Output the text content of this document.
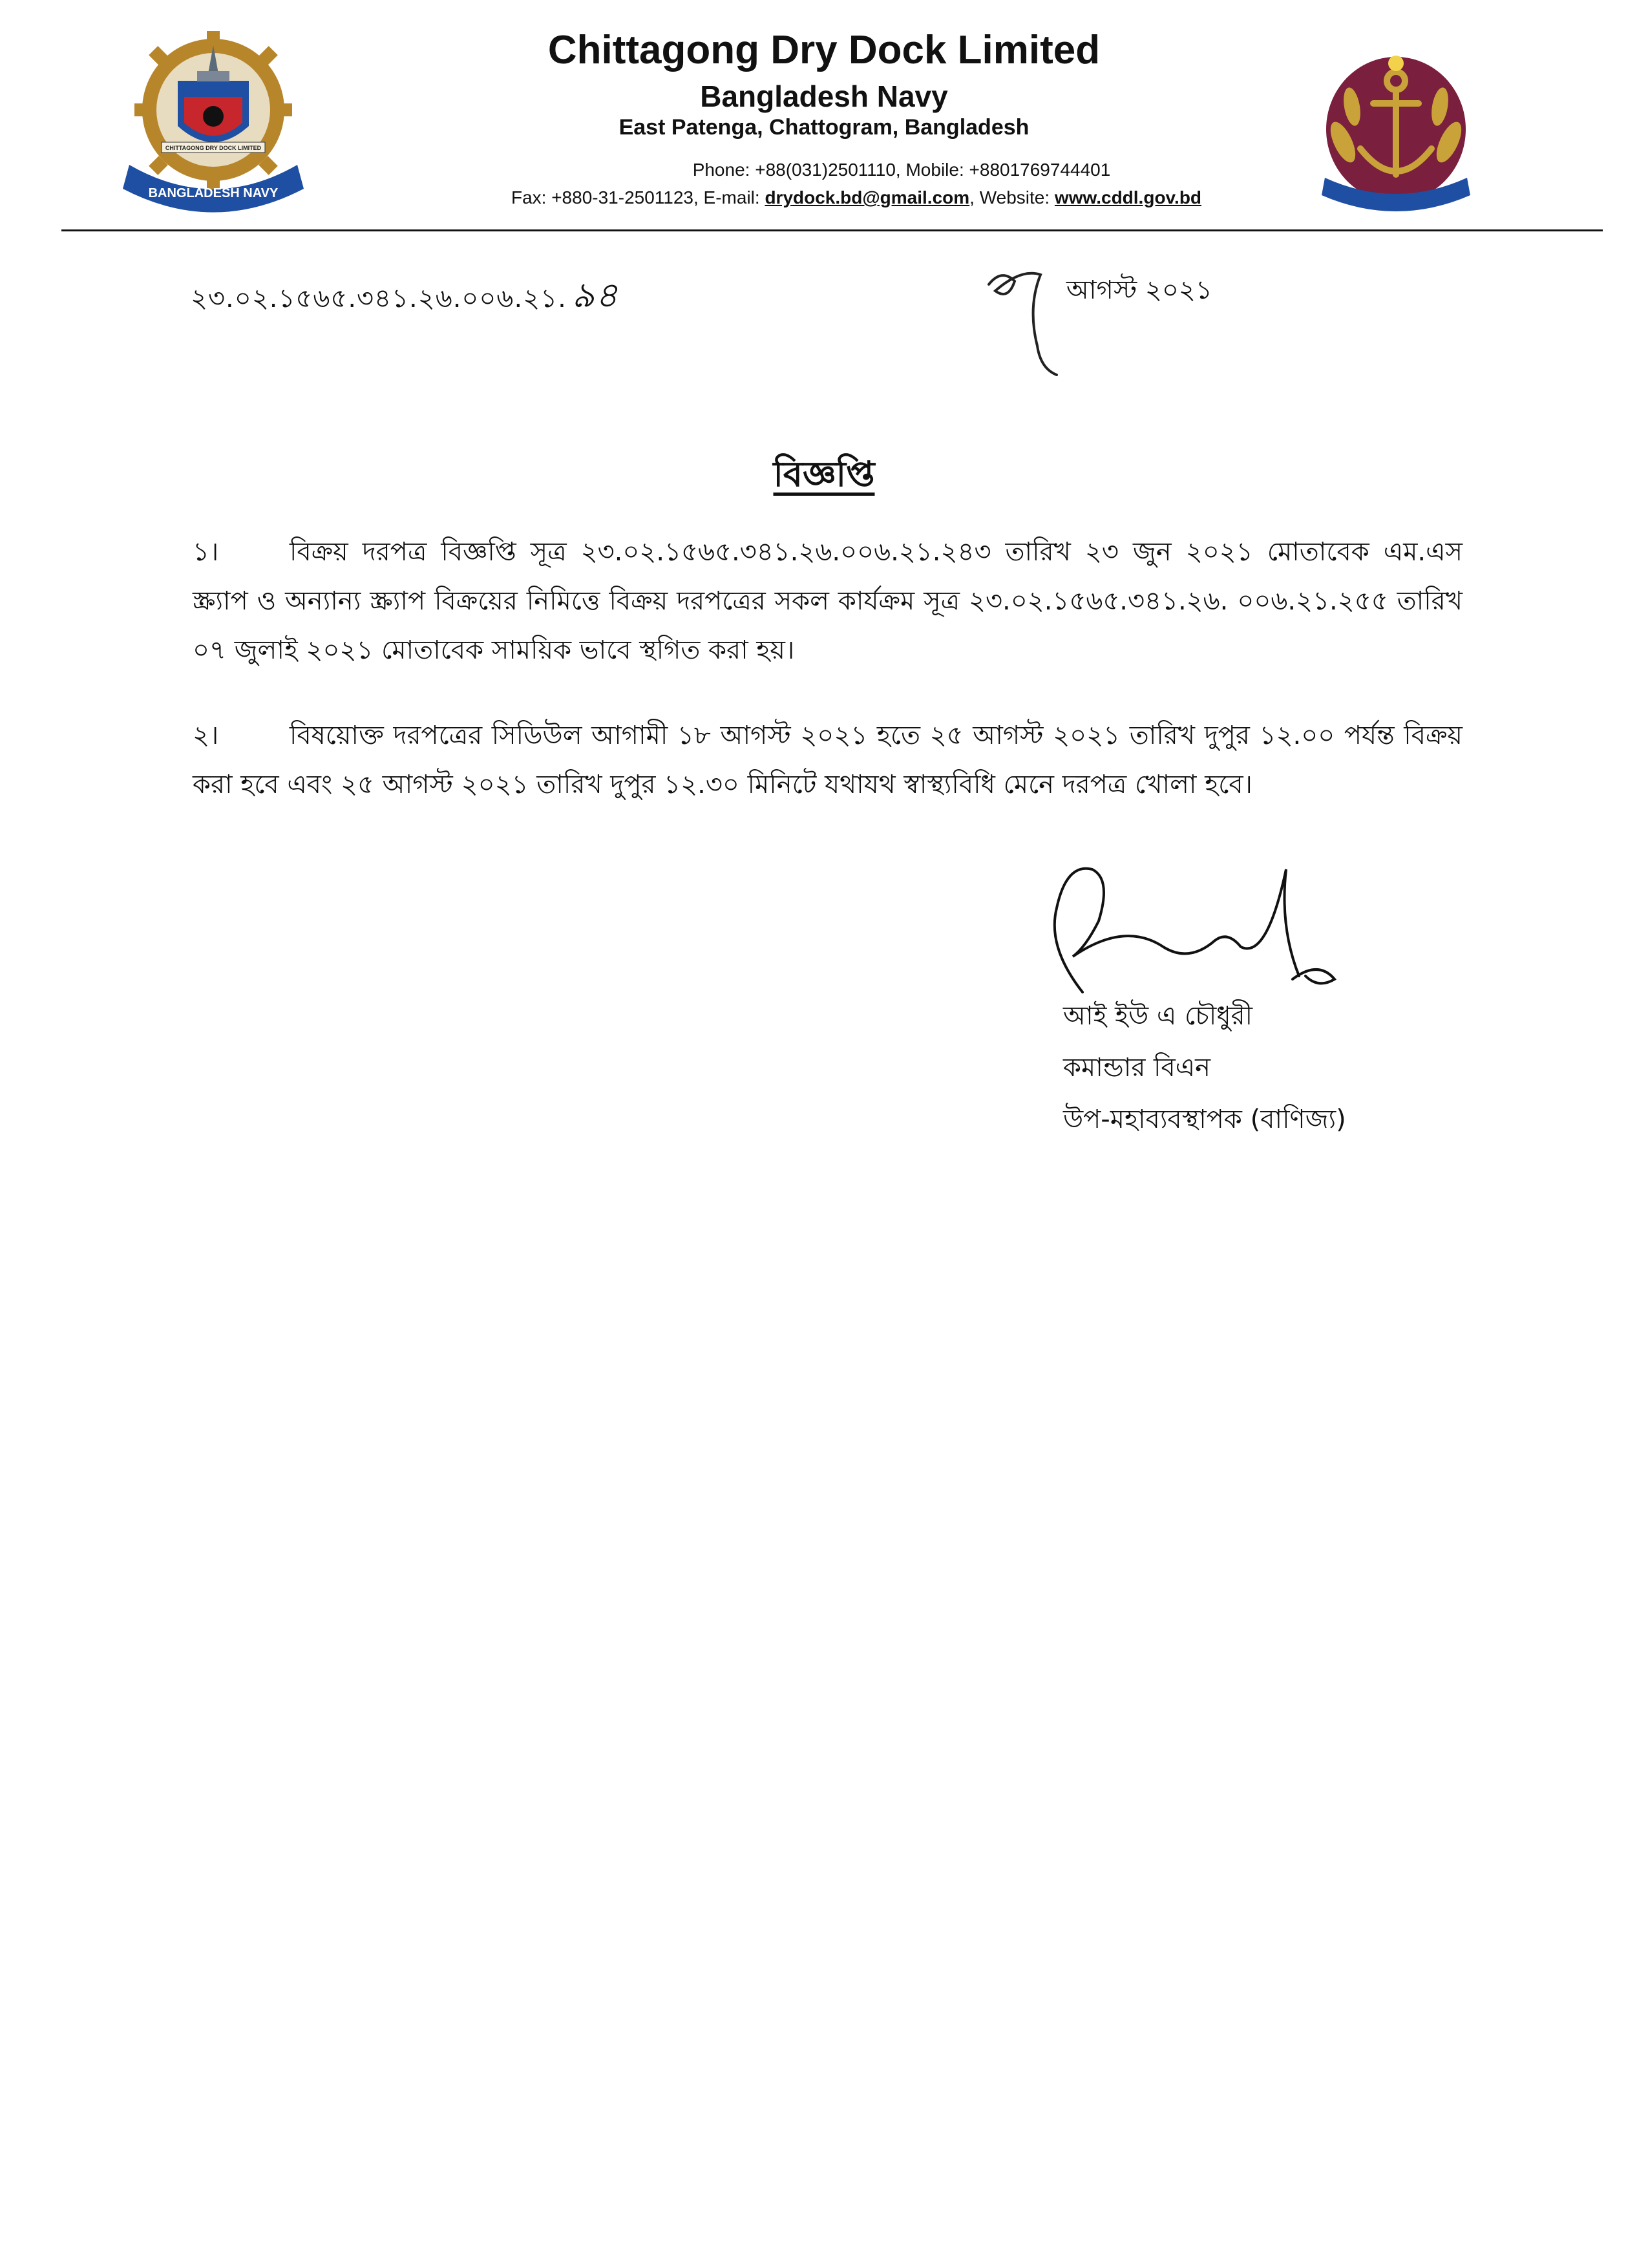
CHITTAGONG DRY DOCK LIMITED
BANGLADESH NAVY
Chittagong Dry Dock Limited
Bangladesh Navy
East Patenga, Chattogram, Bangladesh
Phone: +88(031)2501110, Mobile: +8801769744401
Fax: +880-31-2501123, E-mail: drydock.bd@gmail.com, Website: www.cddl.gov.bd
২৩.০২.১৫৬৫.৩৪১.২৬.০০৬.২১. ৯৪	আগস্ট ২০২১
বিজ্ঞপ্তি
১।	বিক্রয় দরপত্র বিজ্ঞপ্তি সূত্র ২৩.০২.১৫৬৫.৩৪১.২৬.০০৬.২১.২৪৩ তারিখ ২৩ জুন ২০২১ মোতাবেক এম.এস স্ক্র্যাপ ও অন্যান্য স্ক্র্যাপ বিক্রয়ের নিমিত্তে বিক্রয় দরপত্রের সকল কার্যক্রম সূত্র ২৩.০২.১৫৬৫.৩৪১.২৬. ০০৬.২১.২৫৫ তারিখ ০৭ জুলাই ২০২১ মোতাবেক সাময়িক ভাবে স্থগিত করা হয়।
২।	বিষয়োক্ত দরপত্রের সিডিউল আগামী ১৮ আগস্ট ২০২১ হতে ২৫ আগস্ট ২০২১ তারিখ দুপুর ১২.০০ পর্যন্ত বিক্রয় করা হবে এবং ২৫ আগস্ট ২০২১ তারিখ দুপুর ১২.৩০ মিনিটে যথাযথ স্বাস্থ্যবিধি মেনে দরপত্র খোলা হবে।
আই ইউ এ চৌধুরী
কমান্ডার বিএন
উপ-মহাব্যবস্থাপক (বাণিজ্য)
